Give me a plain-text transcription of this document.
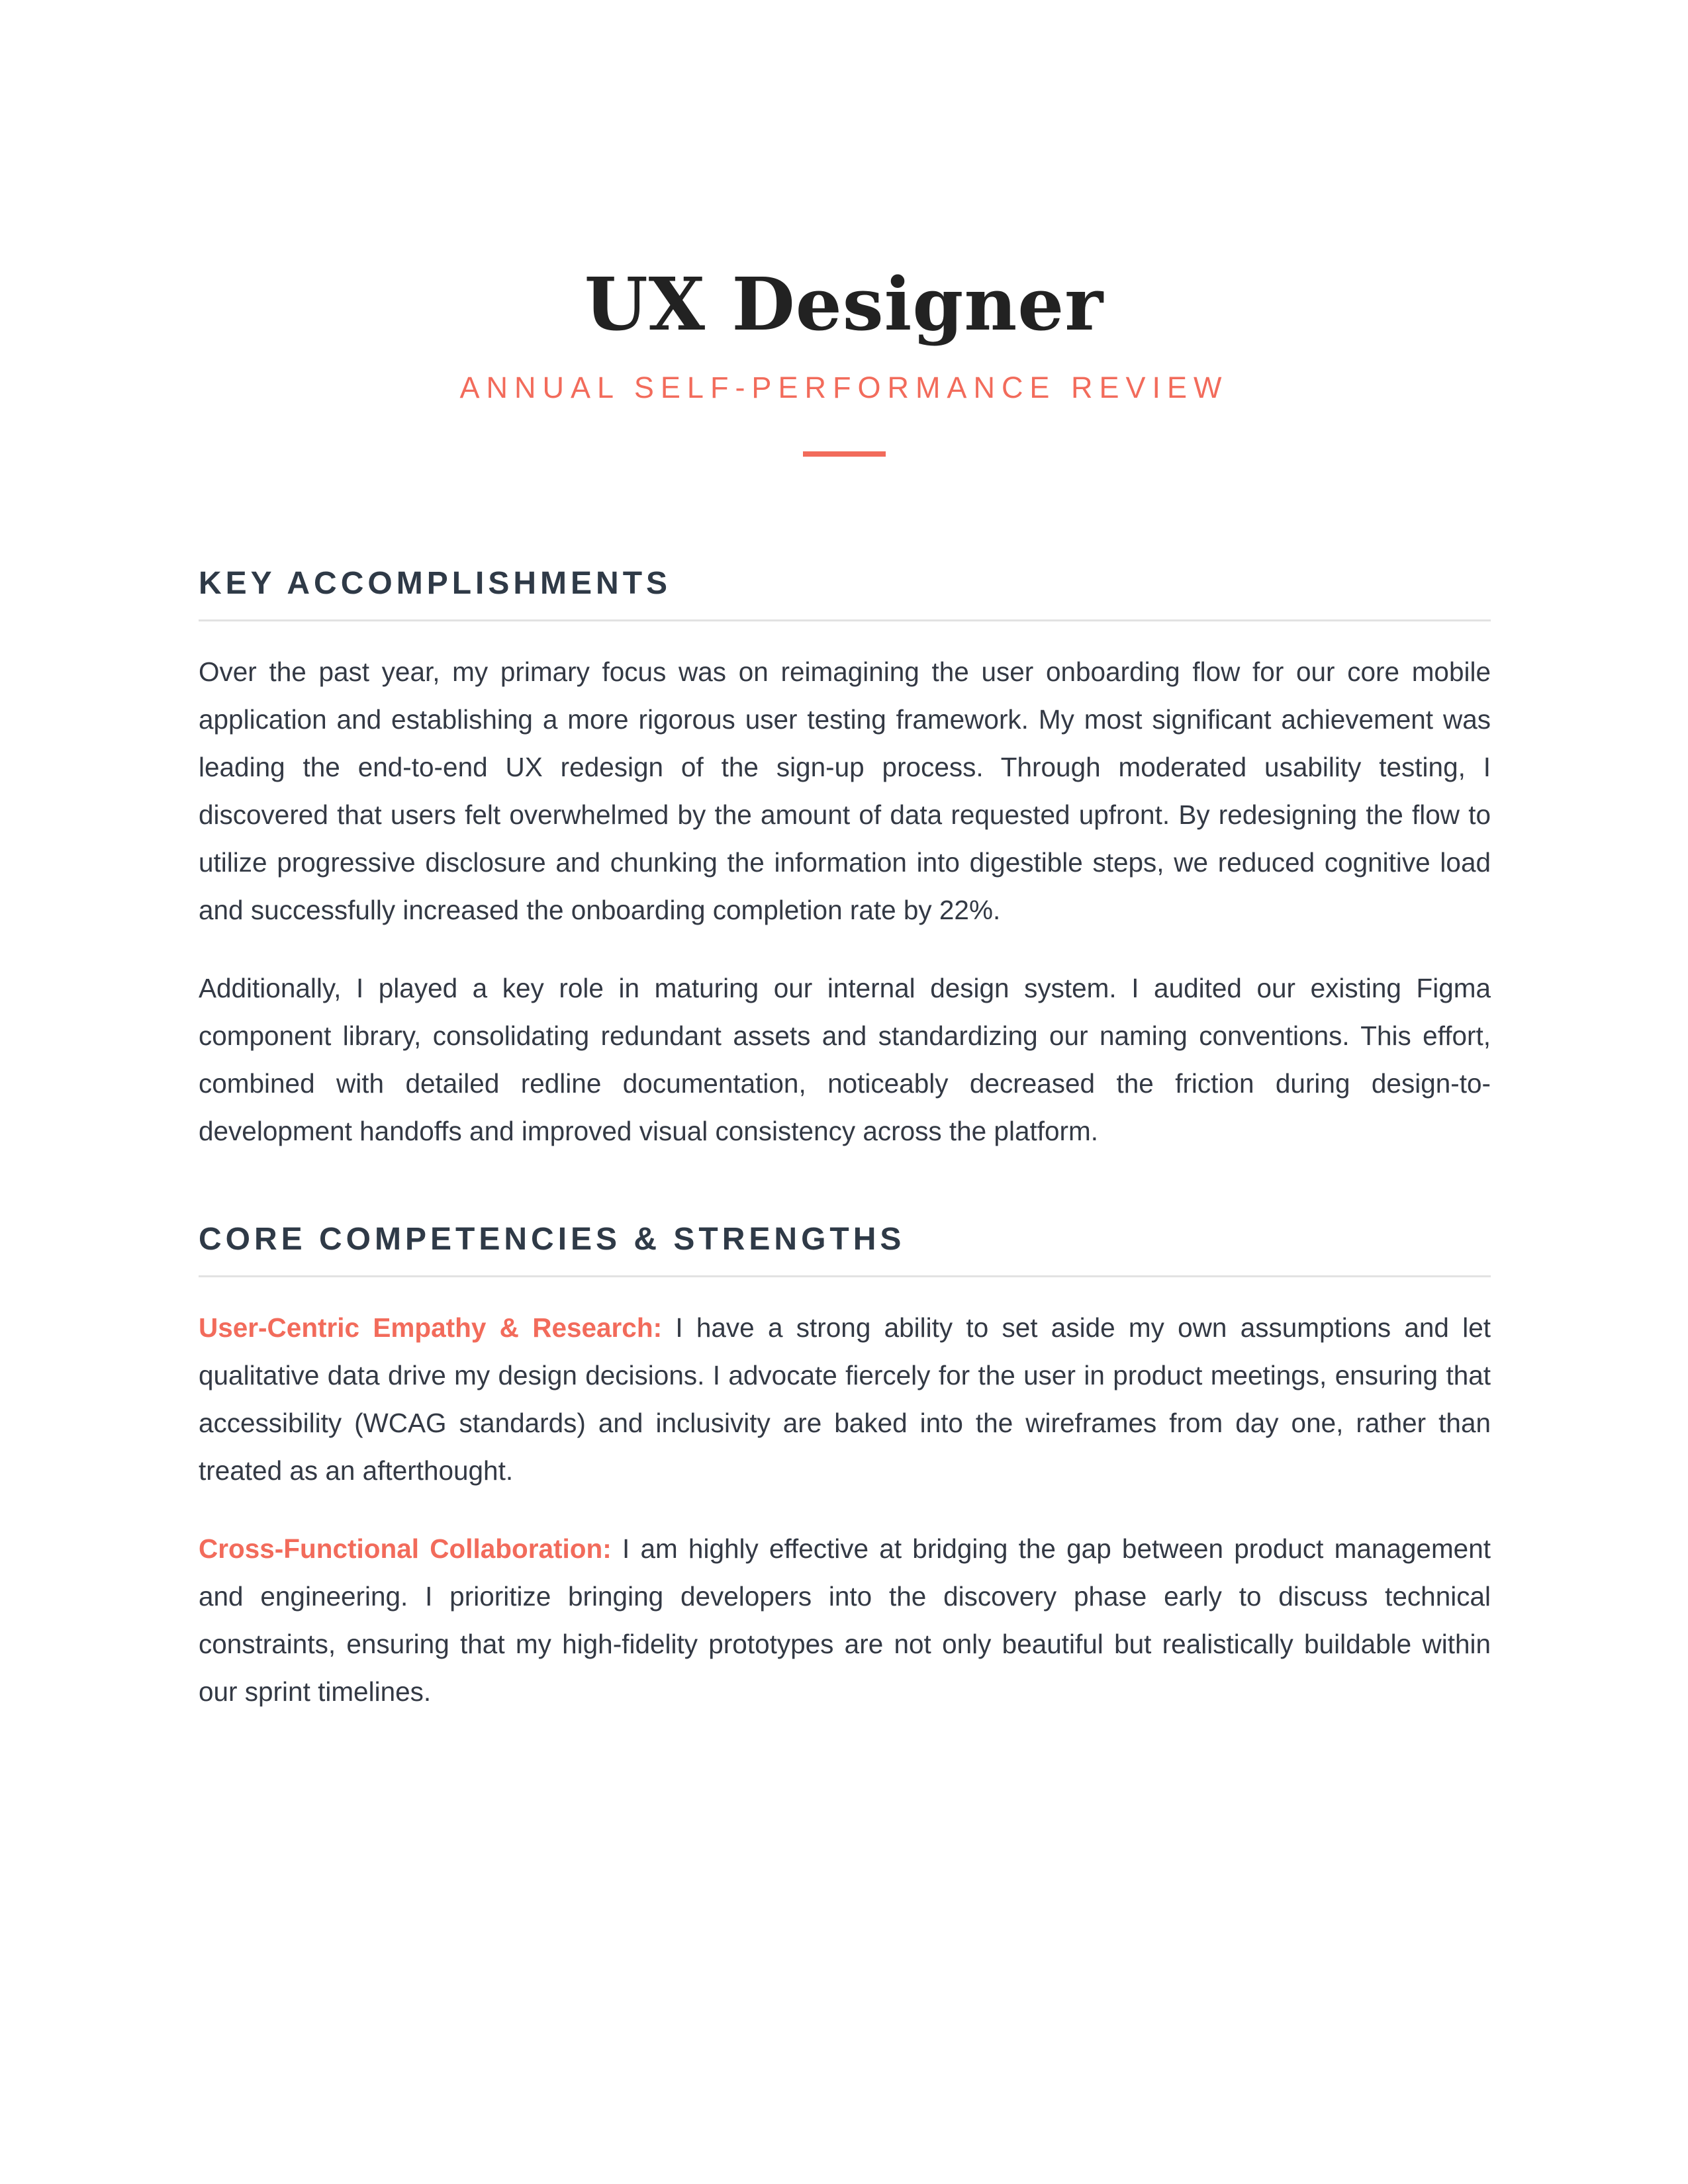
UX Designer
ANNUAL SELF-PERFORMANCE REVIEW
KEY ACCOMPLISHMENTS

Over the past year, my primary focus was on reimagining the user onboarding flow for our core mobile application and establishing a more rigorous user testing framework. My most significant achievement was leading the end-to-end UX redesign of the sign-up process. Through moderated usability testing, I discovered that users felt overwhelmed by the amount of data requested upfront. By redesigning the flow to utilize progressive disclosure and chunking the information into digestible steps, we reduced cognitive load and successfully increased the onboarding completion rate by 22%.

Additionally, I played a key role in maturing our internal design system. I audited our existing Figma component library, consolidating redundant assets and standardizing our naming conventions. This effort, combined with detailed redline documentation, noticeably decreased the friction during design-to-development handoffs and improved visual consistency across the platform.

CORE COMPETENCIES & STRENGTHS

User-Centric Empathy & Research: I have a strong ability to set aside my own assumptions and let qualitative data drive my design decisions. I advocate fiercely for the user in product meetings, ensuring that accessibility (WCAG standards) and inclusivity are baked into the wireframes from day one, rather than treated as an afterthought.

Cross-Functional Collaboration: I am highly effective at bridging the gap between product management and engineering. I prioritize bringing developers into the discovery phase early to discuss technical constraints, ensuring that my high-fidelity prototypes are not only beautiful but realistically buildable within our sprint timelines.
